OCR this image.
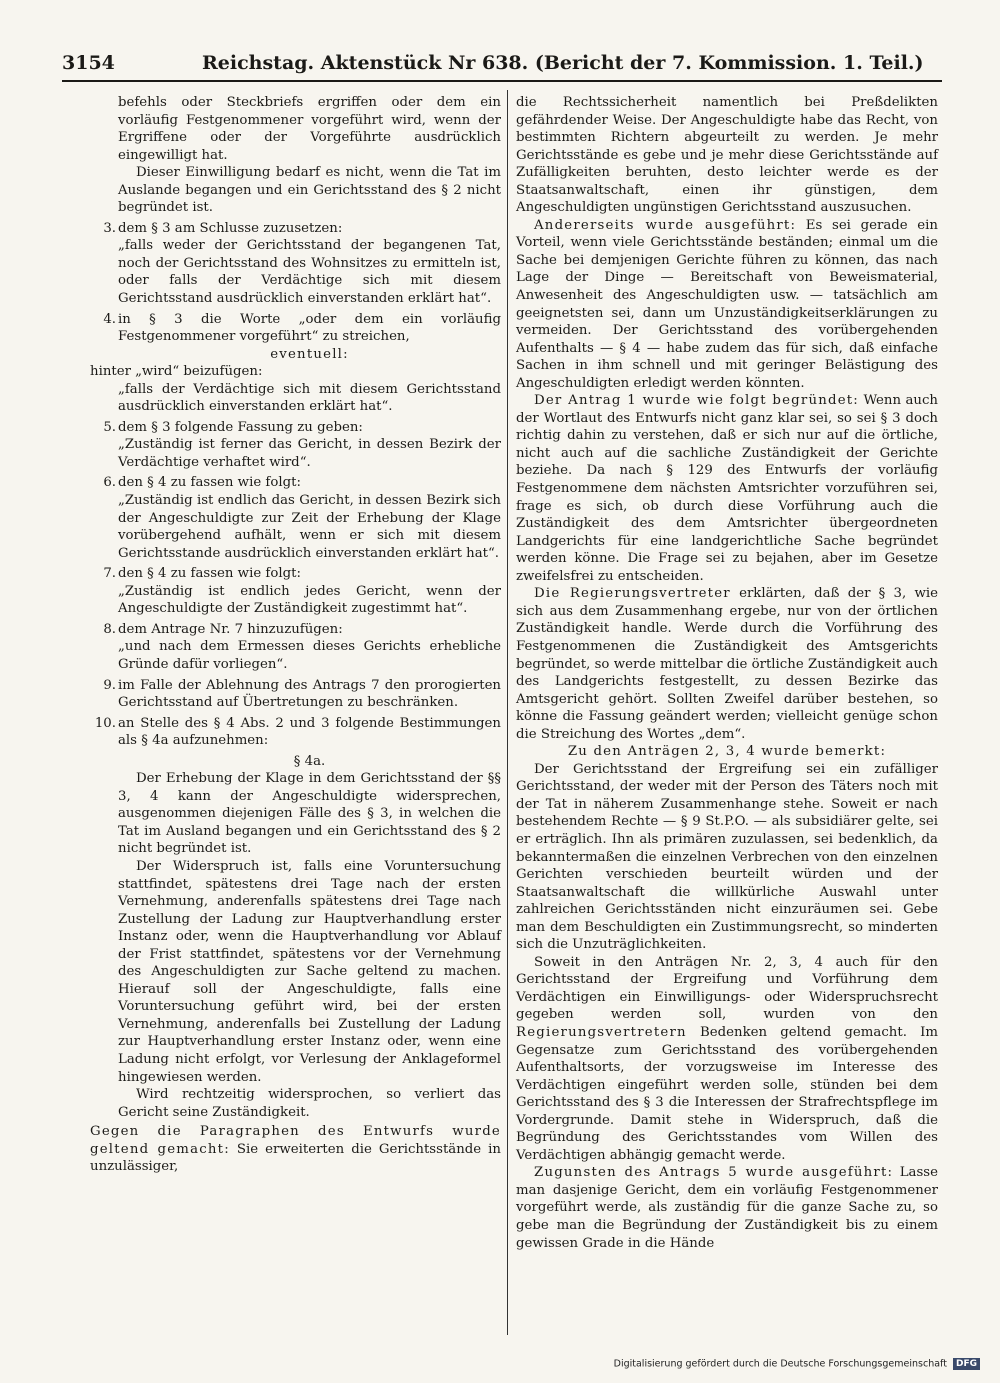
3154	Reichstag. Aktenstück Nr 638. (Bericht der 7. Kommission. 1. Teil.)

befehls oder Steckbriefs ergriffen oder dem ein vorläufig Festgenommener vorgeführt wird, wenn der Ergriffene oder der Vorgeführte ausdrücklich eingewilligt hat.

Dieser Einwilligung bedarf es nicht, wenn die Tat im Auslande begangen und ein Gerichtsstand des § 2 nicht begründet ist.

3. dem § 3 am Schlusse zuzusetzen:

„falls weder der Gerichtsstand der begangenen Tat, noch der Gerichtsstand des Wohnsitzes zu ermitteln ist, oder falls der Verdächtige sich mit diesem Gerichtsstand ausdrücklich einverstanden erklärt hat“.

4. in § 3 die Worte „oder dem ein vorläufig Festgenommener vorgeführt“ zu streichen,

eventuell:

hinter „wird“ beizufügen:

„falls der Verdächtige sich mit diesem Gerichtsstand ausdrücklich einverstanden erklärt hat“.

5. dem § 3 folgende Fassung zu geben:

„Zuständig ist ferner das Gericht, in dessen Bezirk der Verdächtige verhaftet wird“.

6. den § 4 zu fassen wie folgt:

„Zuständig ist endlich das Gericht, in dessen Bezirk sich der Angeschuldigte zur Zeit der Erhebung der Klage vorübergehend aufhält, wenn er sich mit diesem Gerichtsstande ausdrücklich einverstanden erklärt hat“.

7. den § 4 zu fassen wie folgt:

„Zuständig ist endlich jedes Gericht, wenn der Angeschuldigte der Zuständigkeit zugestimmt hat“.

8. dem Antrage Nr. 7 hinzuzufügen:

„und nach dem Ermessen dieses Gerichts erhebliche Gründe dafür vorliegen“.

9. im Falle der Ablehnung des Antrags 7 den prorogierten Gerichtsstand auf Übertretungen zu beschränken.

10. an Stelle des § 4 Abs. 2 und 3 folgende Bestimmungen als § 4a aufzunehmen:

§ 4a.

Der Erhebung der Klage in dem Gerichtsstand der §§ 3, 4 kann der Angeschuldigte widersprechen, ausgenommen diejenigen Fälle des § 3, in welchen die Tat im Ausland begangen und ein Gerichtsstand des § 2 nicht begründet ist.

Der Widerspruch ist, falls eine Voruntersuchung stattfindet, spätestens drei Tage nach der ersten Vernehmung, anderenfalls spätestens drei Tage nach Zustellung der Ladung zur Hauptverhandlung erster Instanz oder, wenn die Hauptverhandlung vor Ablauf der Frist stattfindet, spätestens vor der Vernehmung des Angeschuldigten zur Sache geltend zu machen. Hierauf soll der Angeschuldigte, falls eine Voruntersuchung geführt wird, bei der ersten Vernehmung, anderenfalls bei Zustellung der Ladung zur Hauptverhandlung erster Instanz oder, wenn eine Ladung nicht erfolgt, vor Verlesung der Anklageformel hingewiesen werden.

Wird rechtzeitig widersprochen, so verliert das Gericht seine Zuständigkeit.

Gegen die Paragraphen des Entwurfs wurde geltend gemacht: Sie erweiterten die Gerichtsstände in unzulässiger,

die Rechtssicherheit namentlich bei Preßdelikten gefährdender Weise. Der Angeschuldigte habe das Recht, von bestimmten Richtern abgeurteilt zu werden. Je mehr Gerichtsstände es gebe und je mehr diese Gerichtsstände auf Zufälligkeiten beruhten, desto leichter werde es der Staatsanwaltschaft, einen ihr günstigen, dem Angeschuldigten ungünstigen Gerichtsstand auszusuchen.

Andererseits wurde ausgeführt: Es sei gerade ein Vorteil, wenn viele Gerichtsstände beständen; einmal um die Sache bei demjenigen Gerichte führen zu können, das nach Lage der Dinge — Bereitschaft von Beweismaterial, Anwesenheit des Angeschuldigten usw. — tatsächlich am geeignetsten sei, dann um Unzuständigkeitserklärungen zu vermeiden. Der Gerichtsstand des vorübergehenden Aufenthalts — § 4 — habe zudem das für sich, daß einfache Sachen in ihm schnell und mit geringer Belästigung des Angeschuldigten erledigt werden könnten.

Der Antrag 1 wurde wie folgt begründet: Wenn auch der Wortlaut des Entwurfs nicht ganz klar sei, so sei § 3 doch richtig dahin zu verstehen, daß er sich nur auf die örtliche, nicht auch auf die sachliche Zuständigkeit der Gerichte beziehe. Da nach § 129 des Entwurfs der vorläufig Festgenommene dem nächsten Amtsrichter vorzuführen sei, frage es sich, ob durch diese Vorführung auch die Zuständigkeit des dem Amtsrichter übergeordneten Landgerichts für eine landgerichtliche Sache begründet werden könne. Die Frage sei zu bejahen, aber im Gesetze zweifelsfrei zu entscheiden.

Die Regierungsvertreter erklärten, daß der § 3, wie sich aus dem Zusammenhang ergebe, nur von der örtlichen Zuständigkeit handle. Werde durch die Vorführung des Festgenommenen die Zuständigkeit des Amtsgerichts begründet, so werde mittelbar die örtliche Zuständigkeit auch des Landgerichts festgestellt, zu dessen Bezirke das Amtsgericht gehört. Sollten Zweifel darüber bestehen, so könne die Fassung geändert werden; vielleicht genüge schon die Streichung des Wortes „dem“.

Zu den Anträgen 2, 3, 4 wurde bemerkt:

Der Gerichtsstand der Ergreifung sei ein zufälliger Gerichtsstand, der weder mit der Person des Täters noch mit der Tat in näherem Zusammenhange stehe. Soweit er nach bestehendem Rechte — § 9 St.P.O. — als subsidiärer gelte, sei er erträglich. Ihn als primären zuzulassen, sei bedenklich, da bekanntermaßen die einzelnen Verbrechen von den einzelnen Gerichten verschieden beurteilt würden und der Staatsanwaltschaft die willkürliche Auswahl unter zahlreichen Gerichtsständen nicht einzuräumen sei. Gebe man dem Beschuldigten ein Zustimmungsrecht, so minderten sich die Unzuträglichkeiten.

Soweit in den Anträgen Nr. 2, 3, 4 auch für den Gerichtsstand der Ergreifung und Vorführung dem Verdächtigen ein Einwilligungs- oder Widerspruchsrecht gegeben werden soll, wurden von den Regierungsvertretern Bedenken geltend gemacht. Im Gegensatze zum Gerichtsstand des vorübergehenden Aufenthaltsorts, der vorzugsweise im Interesse des Verdächtigen eingeführt werden solle, stünden bei dem Gerichtsstand des § 3 die Interessen der Strafrechtspflege im Vordergrunde. Damit stehe in Widerspruch, daß die Begründung des Gerichtsstandes vom Willen des Verdächtigen abhängig gemacht werde.

Zugunsten des Antrags 5 wurde ausgeführt: Lasse man dasjenige Gericht, dem ein vorläufig Festgenommener vorgeführt werde, als zuständig für die ganze Sache zu, so gebe man die Begründung der Zuständigkeit bis zu einem gewissen Grade in die Hände

Digitalisierung gefördert durch die Deutsche Forschungsgemeinschaft DFG
